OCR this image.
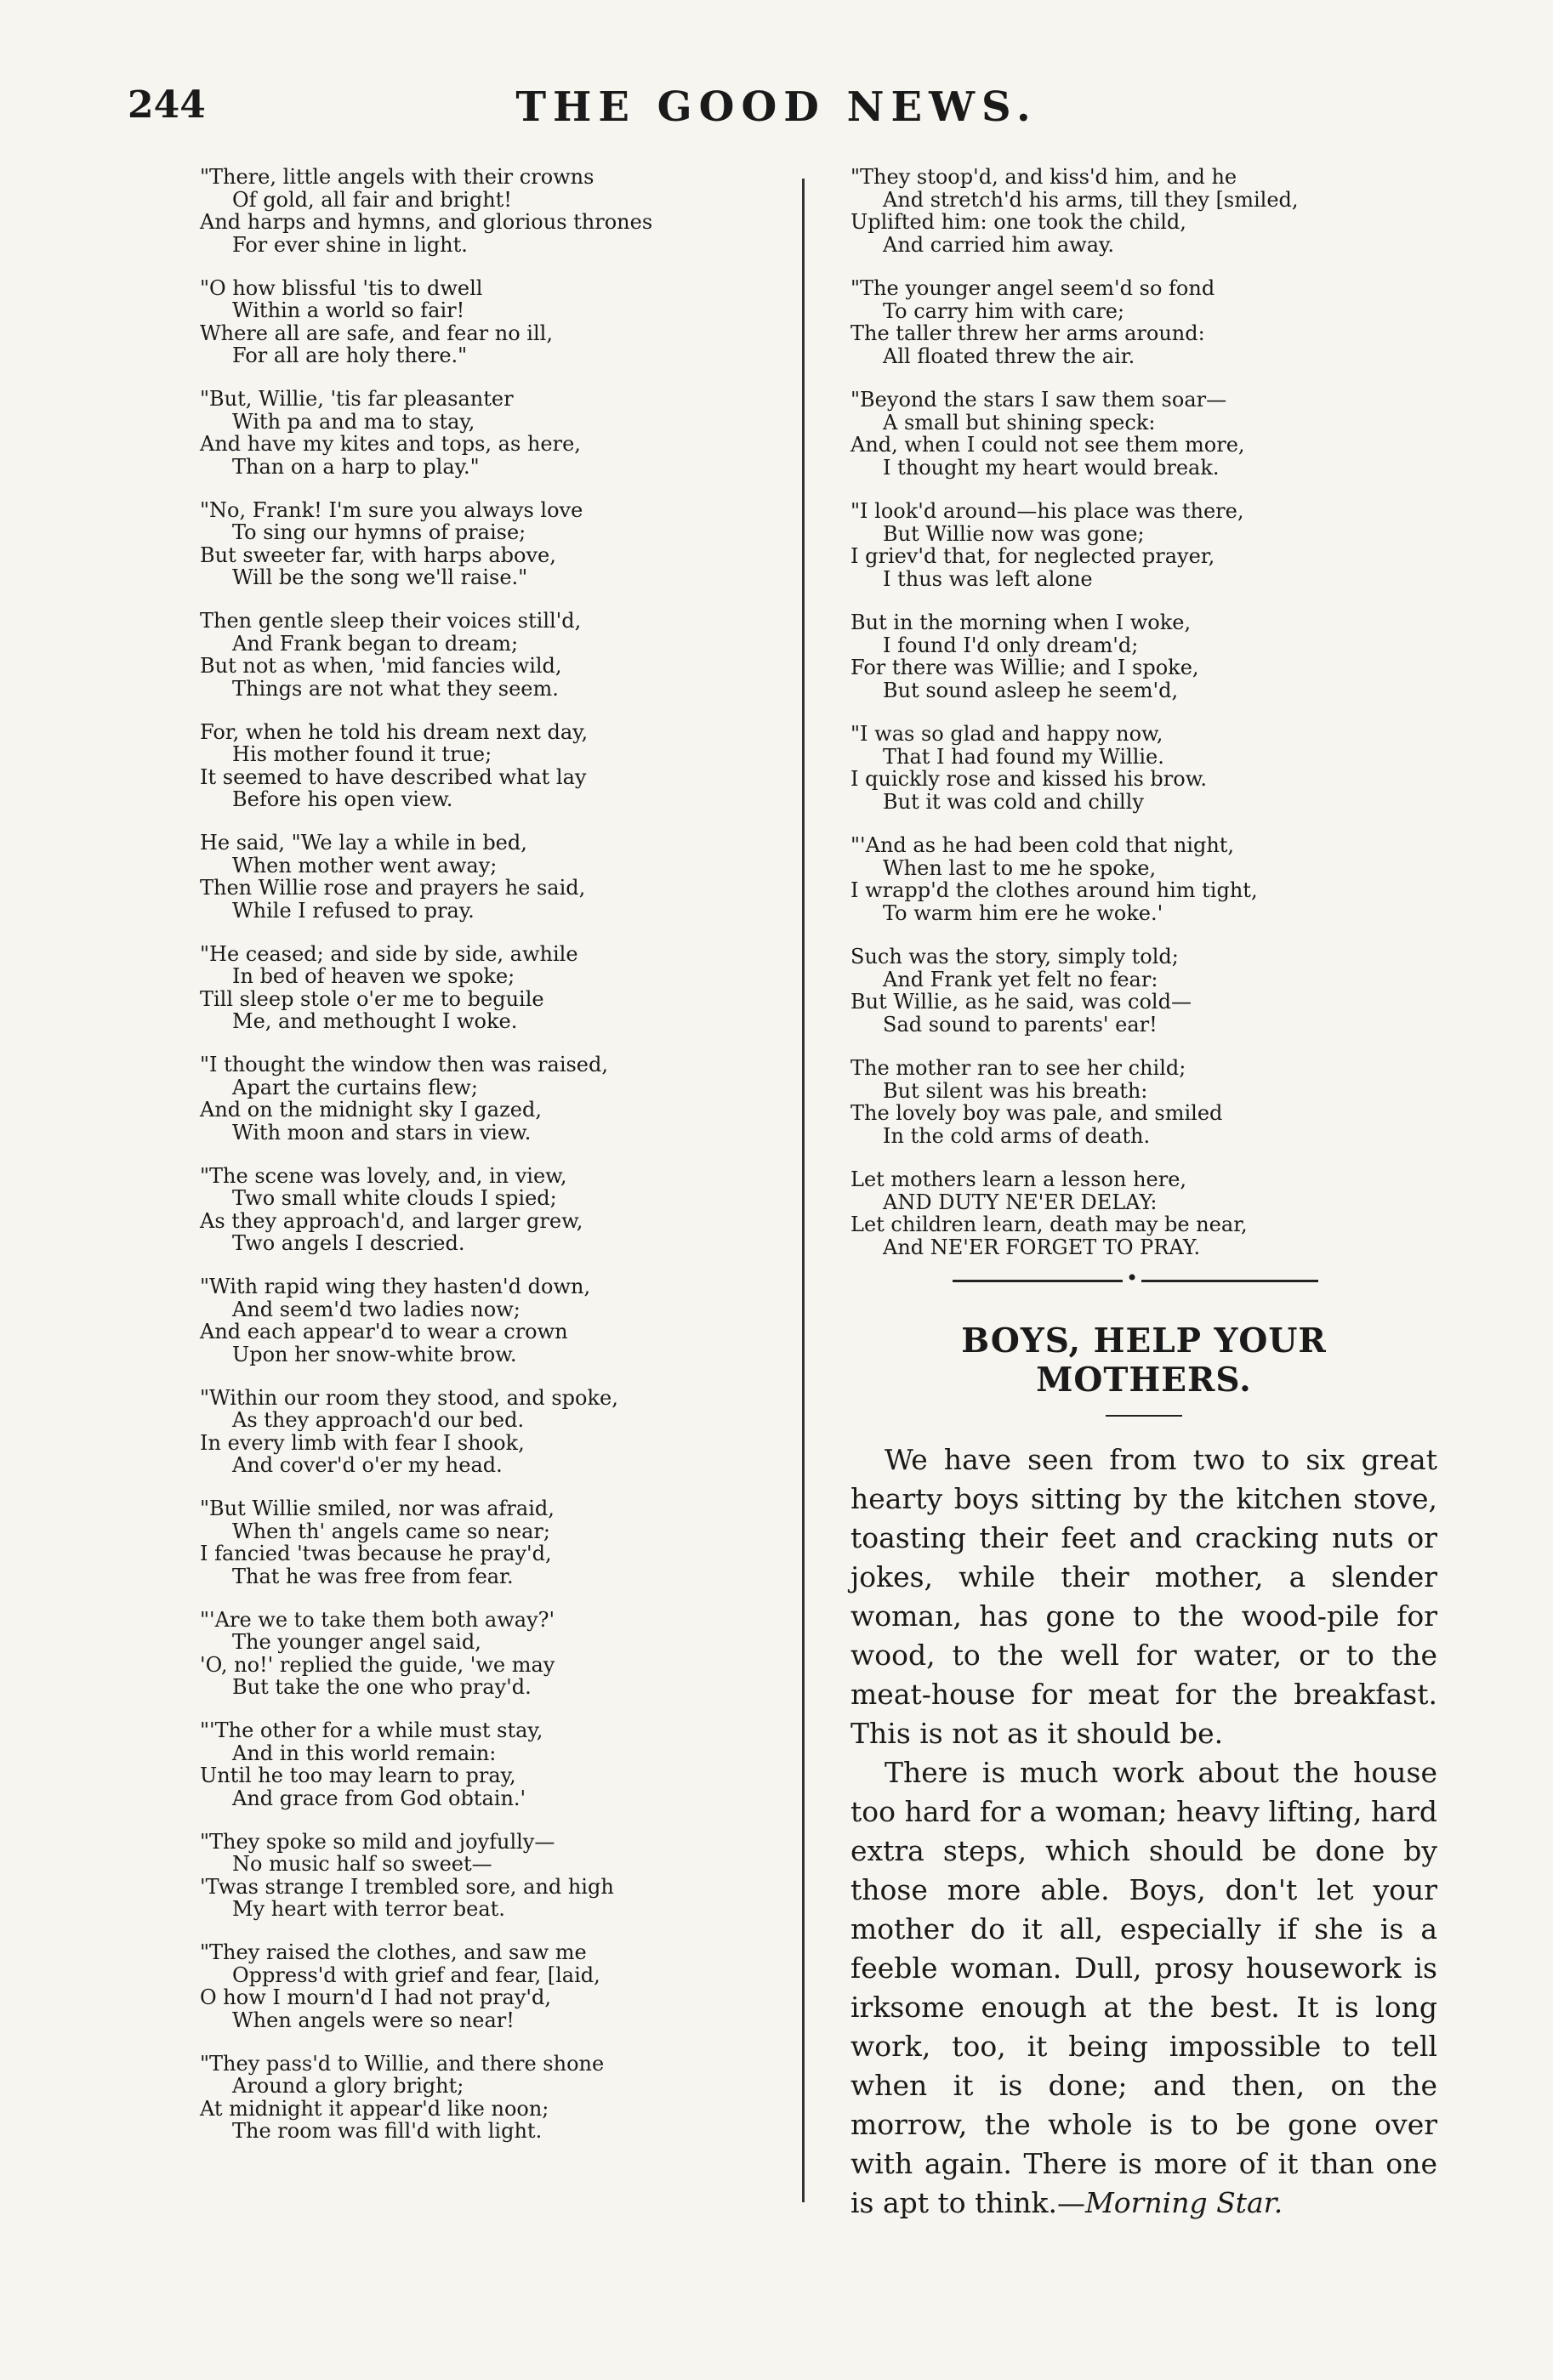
244	THE GOOD NEWS.

"There, little angels with their crowns

Of gold, all fair and bright!

And harps and hymns, and glorious thrones

For ever shine in light.

"O how blissful 'tis to dwell

Within a world so fair!

Where all are safe, and fear no ill,

For all are holy there."

"But, Willie, 'tis far pleasanter

With pa and ma to stay,

And have my kites and tops, as here,

Than on a harp to play."

"No, Frank! I'm sure you always love

To sing our hymns of praise;

But sweeter far, with harps above,

Will be the song we'll raise."

Then gentle sleep their voices still'd,

And Frank began to dream;

But not as when, 'mid fancies wild,

Things are not what they seem.

For, when he told his dream next day,

His mother found it true;

It seemed to have described what lay

Before his open view.

He said, "We lay a while in bed,

When mother went away;

Then Willie rose and prayers he said,

While I refused to pray.

"He ceased; and side by side, awhile

In bed of heaven we spoke;

Till sleep stole o'er me to beguile

Me, and methought I woke.

"I thought the window then was raised,

Apart the curtains flew;

And on the midnight sky I gazed,

With moon and stars in view.

"The scene was lovely, and, in view,

Two small white clouds I spied;

As they approach'd, and larger grew,

Two angels I descried.

"With rapid wing they hasten'd down,

And seem'd two ladies now;

And each appear'd to wear a crown

Upon her snow-white brow.

"Within our room they stood, and spoke,

As they approach'd our bed.

In every limb with fear I shook,

And cover'd o'er my head.

"But Willie smiled, nor was afraid,

When th' angels came so near;

I fancied 'twas because he pray'd,

That he was free from fear.

"'Are we to take them both away?'

The younger angel said,

'O, no!' replied the guide, 'we may

But take the one who pray'd.

"'The other for a while must stay,

And in this world remain:

Until he too may learn to pray,

And grace from God obtain.'

"They spoke so mild and joyfully—

No music half so sweet—

'Twas strange I trembled sore, and high

My heart with terror beat.

"They raised the clothes, and saw me

Oppress'd with grief and fear, [laid,

O how I mourn'd I had not pray'd,

When angels were so near!

"They pass'd to Willie, and there shone

Around a glory bright;

At midnight it appear'd like noon;

The room was fill'd with light.

"They stoop'd, and kiss'd him, and he

And stretch'd his arms, till they [smiled,

Uplifted him: one took the child,

And carried him away.

"The younger angel seem'd so fond

To carry him with care;

The taller threw her arms around:

All floated threw the air.

"Beyond the stars I saw them soar—

A small but shining speck:

And, when I could not see them more,

I thought my heart would break.

"I look'd around—his place was there,

But Willie now was gone;

I griev'd that, for neglected prayer,

I thus was left alone

But in the morning when I woke,

I found I'd only dream'd;

For there was Willie; and I spoke,

But sound asleep he seem'd,

"I was so glad and happy now,

That I had found my Willie.

I quickly rose and kissed his brow.

But it was cold and chilly

"'And as he had been cold that night,

When last to me he spoke,

I wrapp'd the clothes around him tight,

To warm him ere he woke.'

Such was the story, simply told;

And Frank yet felt no fear:

But Willie, as he said, was cold—

Sad sound to parents' ear!

The mother ran to see her child;

But silent was his breath:

The lovely boy was pale, and smiled

In the cold arms of death.

Let mothers learn a lesson here,

AND DUTY NE'ER DELAY:

Let children learn, death may be near,

And NE'ER FORGET TO PRAY.

•
BOYS, HELP YOUR MOTHERS.

We have seen from two to six great hearty boys sitting by the kitchen stove, toasting their feet and cracking nuts or jokes, while their mother, a slender woman, has gone to the wood-pile for wood, to the well for water, or to the meat-house for meat for the breakfast. This is not as it should be.

There is much work about the house too hard for a woman; heavy lifting, hard extra steps, which should be done by those more able. Boys, don't let your mother do it all, especially if she is a feeble woman. Dull, prosy housework is irksome enough at the best. It is long work, too, it being impossible to tell when it is done; and then, on the morrow, the whole is to be gone over with again. There is more of it than one is apt to think.—Morning Star.
